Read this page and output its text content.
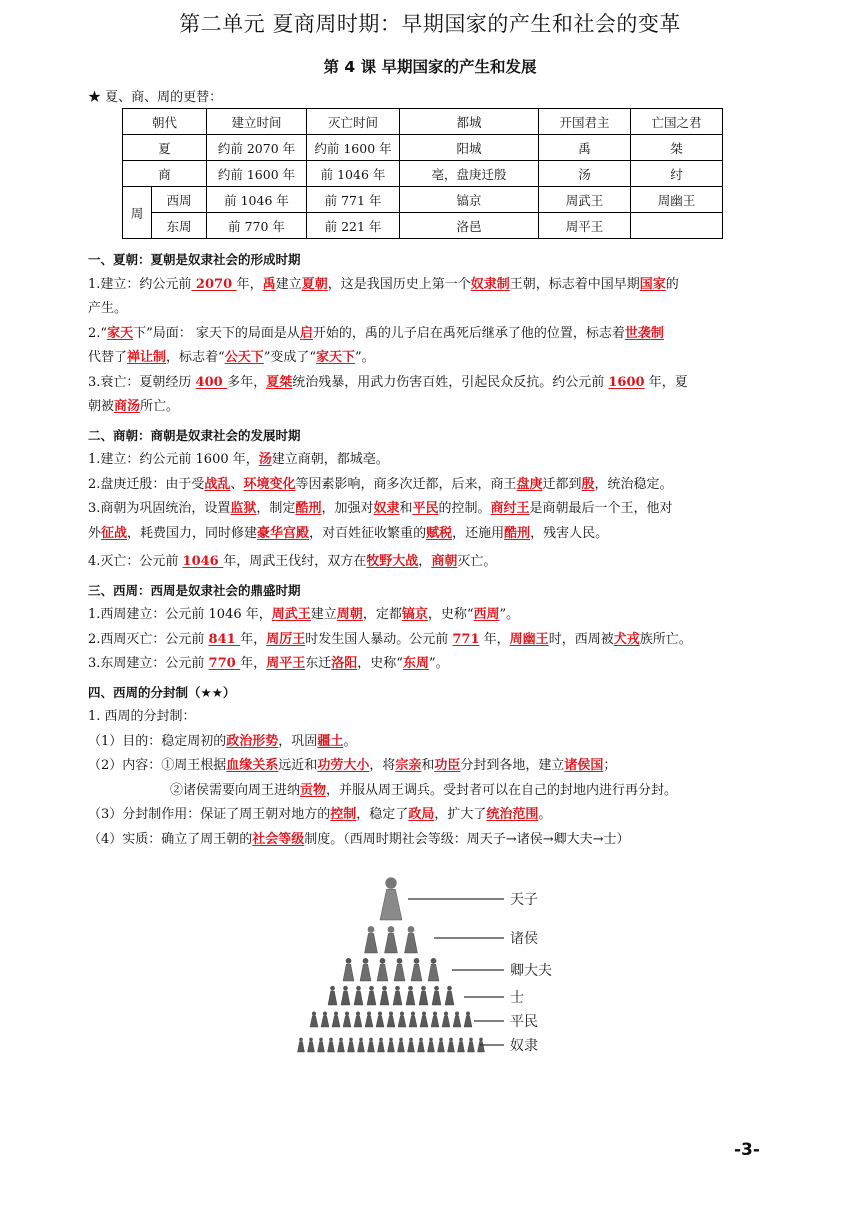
第二单元 夏商周时期：早期国家的产生和社会的变革
第 4 课 早期国家的产生和发展
★ 夏、商、周的更替：
朝代		建立时间	灭亡时间	都城	开国君主	亡国之君
夏		约前 2070 年	约前 1600 年	阳城	禹	桀
商		约前 1600 年	前 1046 年	亳，盘庚迁殷	汤	纣
周	西周	前 1046 年	前 771 年	镐京	周武王	周幽王
	东周	前 770 年	前 221 年	洛邑	周平王	

一、夏朝：夏朝是奴隶社会的形成时期

1.建立：约公元前 2070 年，禹建立夏朝，这是我国历史上第一个奴隶制王朝，标志着中国早期国家的

产生。

2.“家天下”局面： 家天下的局面是从启开始的，禹的儿子启在禹死后继承了他的位置，标志着世袭制

代替了禅让制，标志着“公天下”变成了“家天下”。

3.衰亡：夏朝经历 400 多年，夏桀统治残暴，用武力伤害百姓，引起民众反抗。约公元前 1600 年，夏

朝被商汤所亡。

二、商朝：商朝是奴隶社会的发展时期

1.建立：约公元前 1600 年，汤建立商朝，都城亳。

2.盘庚迁殷：由于受战乱、环境变化等因素影响，商多次迁都，后来，商王盘庚迁都到殷，统治稳定。

3.商朝为巩固统治，设置监狱，制定酷刑，加强对奴隶和平民的控制。商纣王是商朝最后一个王，他对

外征战，耗费国力，同时修建豪华宫殿，对百姓征收繁重的赋税，还施用酷刑，残害人民。

4.灭亡：公元前 1046 年，周武王伐纣，双方在牧野大战，商朝灭亡。

三、西周：西周是奴隶社会的鼎盛时期

1.西周建立：公元前 1046 年，周武王建立周朝，定都镐京，史称“西周”。

2.西周灭亡：公元前 841 年，周厉王时发生国人暴动。公元前 771 年，周幽王时，西周被犬戎族所亡。

3.东周建立：公元前 770 年，周平王东迁洛阳，史称“东周”。

四、西周的分封制（★★）

1. 西周的分封制：

（1）目的：稳定周初的政治形势，巩固疆土。

（2）内容：①周王根据血缘关系远近和功劳大小，将宗亲和功臣分封到各地，建立诸侯国；

②诸侯需要向周王进纳贡物，并服从周王调兵。受封者可以在自己的封地内进行再分封。

（3）分封制作用：保证了周王朝对地方的控制，稳定了政局，扩大了统治范围。

（4）实质：确立了周王朝的社会等级制度。（西周时期社会等级：周天子→诸侯→卿大夫→士）

天子
诸侯
卿大夫
士
平民
奴隶
-3-
